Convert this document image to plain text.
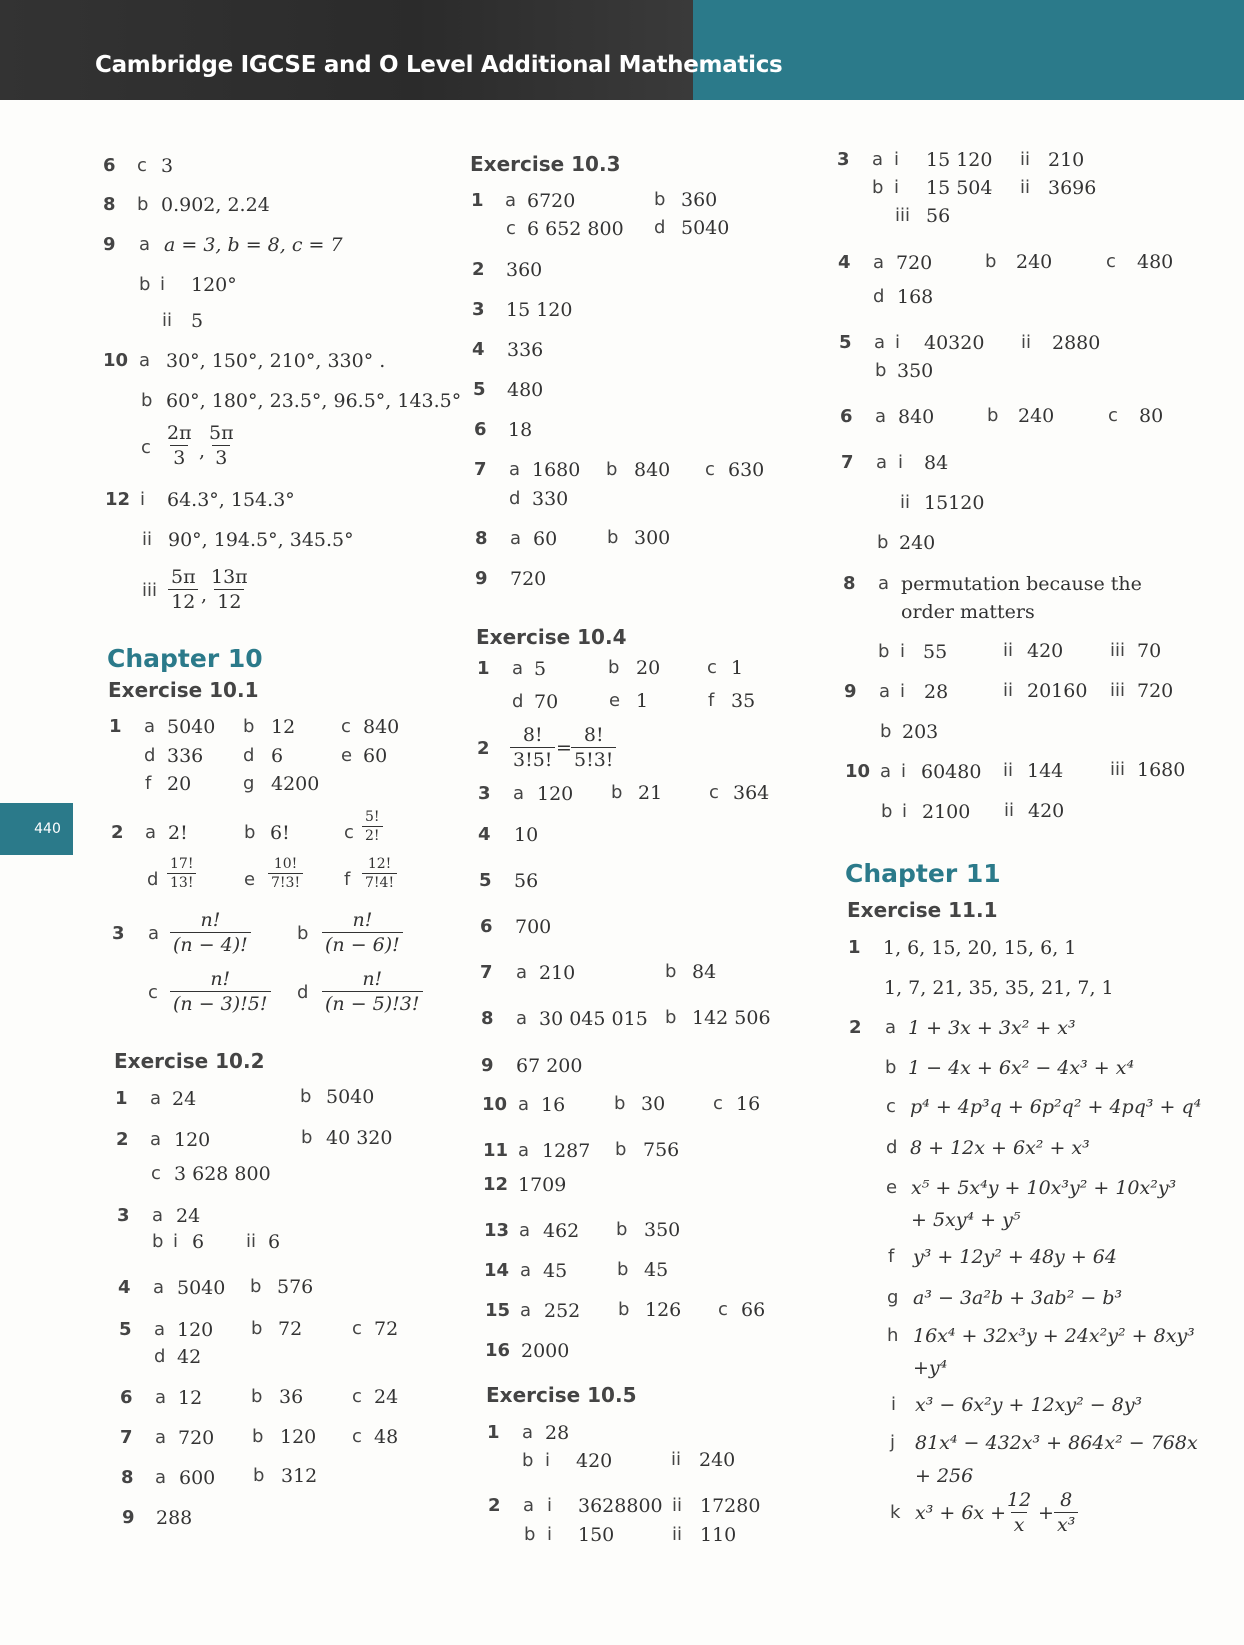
Cambridge IGCSE and O Level Additional Mathematics
440
6 c 3
8 b 0.902, 2.24
9 a a = 3, b = 8, c = 7
b i 120°
ii 5
10 a 30°, 150°, 210°, 330° .
b 60°, 180°, 23.5°, 96.5°, 143.5°
c
2π
3 ,
5π
3
12 i 64.3°, 154.3°
ii 90°, 194.5°, 345.5°
iii
5π
12 ,
13π
12
Chapter 10
Exercise 10.1
1 a 5040 b 12	c 840
d 336 d 6	e 60
f 20	g 4200
2 a 2!	b 6!	c
5!
2!
d
17!
13!	e
10!
7!3! f
12!
7!4!
3 a
n!
(n − 4)!
b
n!
(n − 6)!
c
n!
(n − 3)!5!
d
n!
(n − 5)!3!
Exercise 10.2
1 a 24	b 5040
2 a 120	b 40 320
c 3 628 800
3 a 24
b i 6 ii 6
4 a 5040 b 576
5 a 120 b 72	c 72
d 42
6 a 12	b 36	c 24
7 a 720 b 120 c 48
8 a 600 b 312
9 288
Exercise 10.3
1 a 6720	b 360
c 6 652 800 d 5040
2 360
3 15 120
4 336
5 480
6 18
7 a 1680 b 840 c 630
d 330
8 a 60	b 300
9 720
Exercise 10.4
1 a 5	b 20	c 1
d 70	e 1	f 35
2
8!
3!5!
=
8!
5!3!
3 a 120 b 21	c 364
4 10
5 56
6 700
7 a 210	b 84
8 a 30 045 015 b 142 506
9 67 200
10 a 16	b 30	c 16
11 a 1287 b 756
12 1709
13 a 462 b 350
14 a 45	b 45
15 a 252 b 126 c 66
16 2000
Exercise 10.5
1 a 28
b i 420	ii 240
2 a i 3628800 ii 17280
b i 150	ii 110
3 a i 15 120 ii 210
b i 15 504 ii 3696
iii 56
4 a 720	b 240	c 480
d 168
5 a i 40320 ii 2880
b 350
6 a 840	b 240	c 80
7 a i 84
ii 15120
b 240
8 a permutation because the
order matters
b i 55	ii 420	iii 70
9 a i 28	ii 20160 iii 720
b 203
10 a i 60480 ii 144	iii 1680
b i 2100 ii 420
Chapter 11
Exercise 11.1
1 1, 6, 15, 20, 15, 6, 1
1, 7, 21, 35, 35, 21, 7, 1
2 a 1 + 3x + 3x² + x³
b 1 − 4x + 6x² − 4x³ + x⁴
c p⁴ + 4p³q + 6p²q² + 4pq³ + q⁴
d 8 + 12x + 6x² + x³
e x⁵ + 5x⁴y + 10x³y² + 10x²y³
+ 5xy⁴ + y⁵
f y³ + 12y² + 48y + 64
g a³ − 3a²b + 3ab² − b³
h 16x⁴ + 32x³y + 24x²y² + 8xy³
+y⁴
i x³ − 6x²y + 12xy² − 8y³
j 81x⁴ − 432x³ + 864x² − 768x
+ 256
k x³ + 6x +
12
x
+
8
x³
